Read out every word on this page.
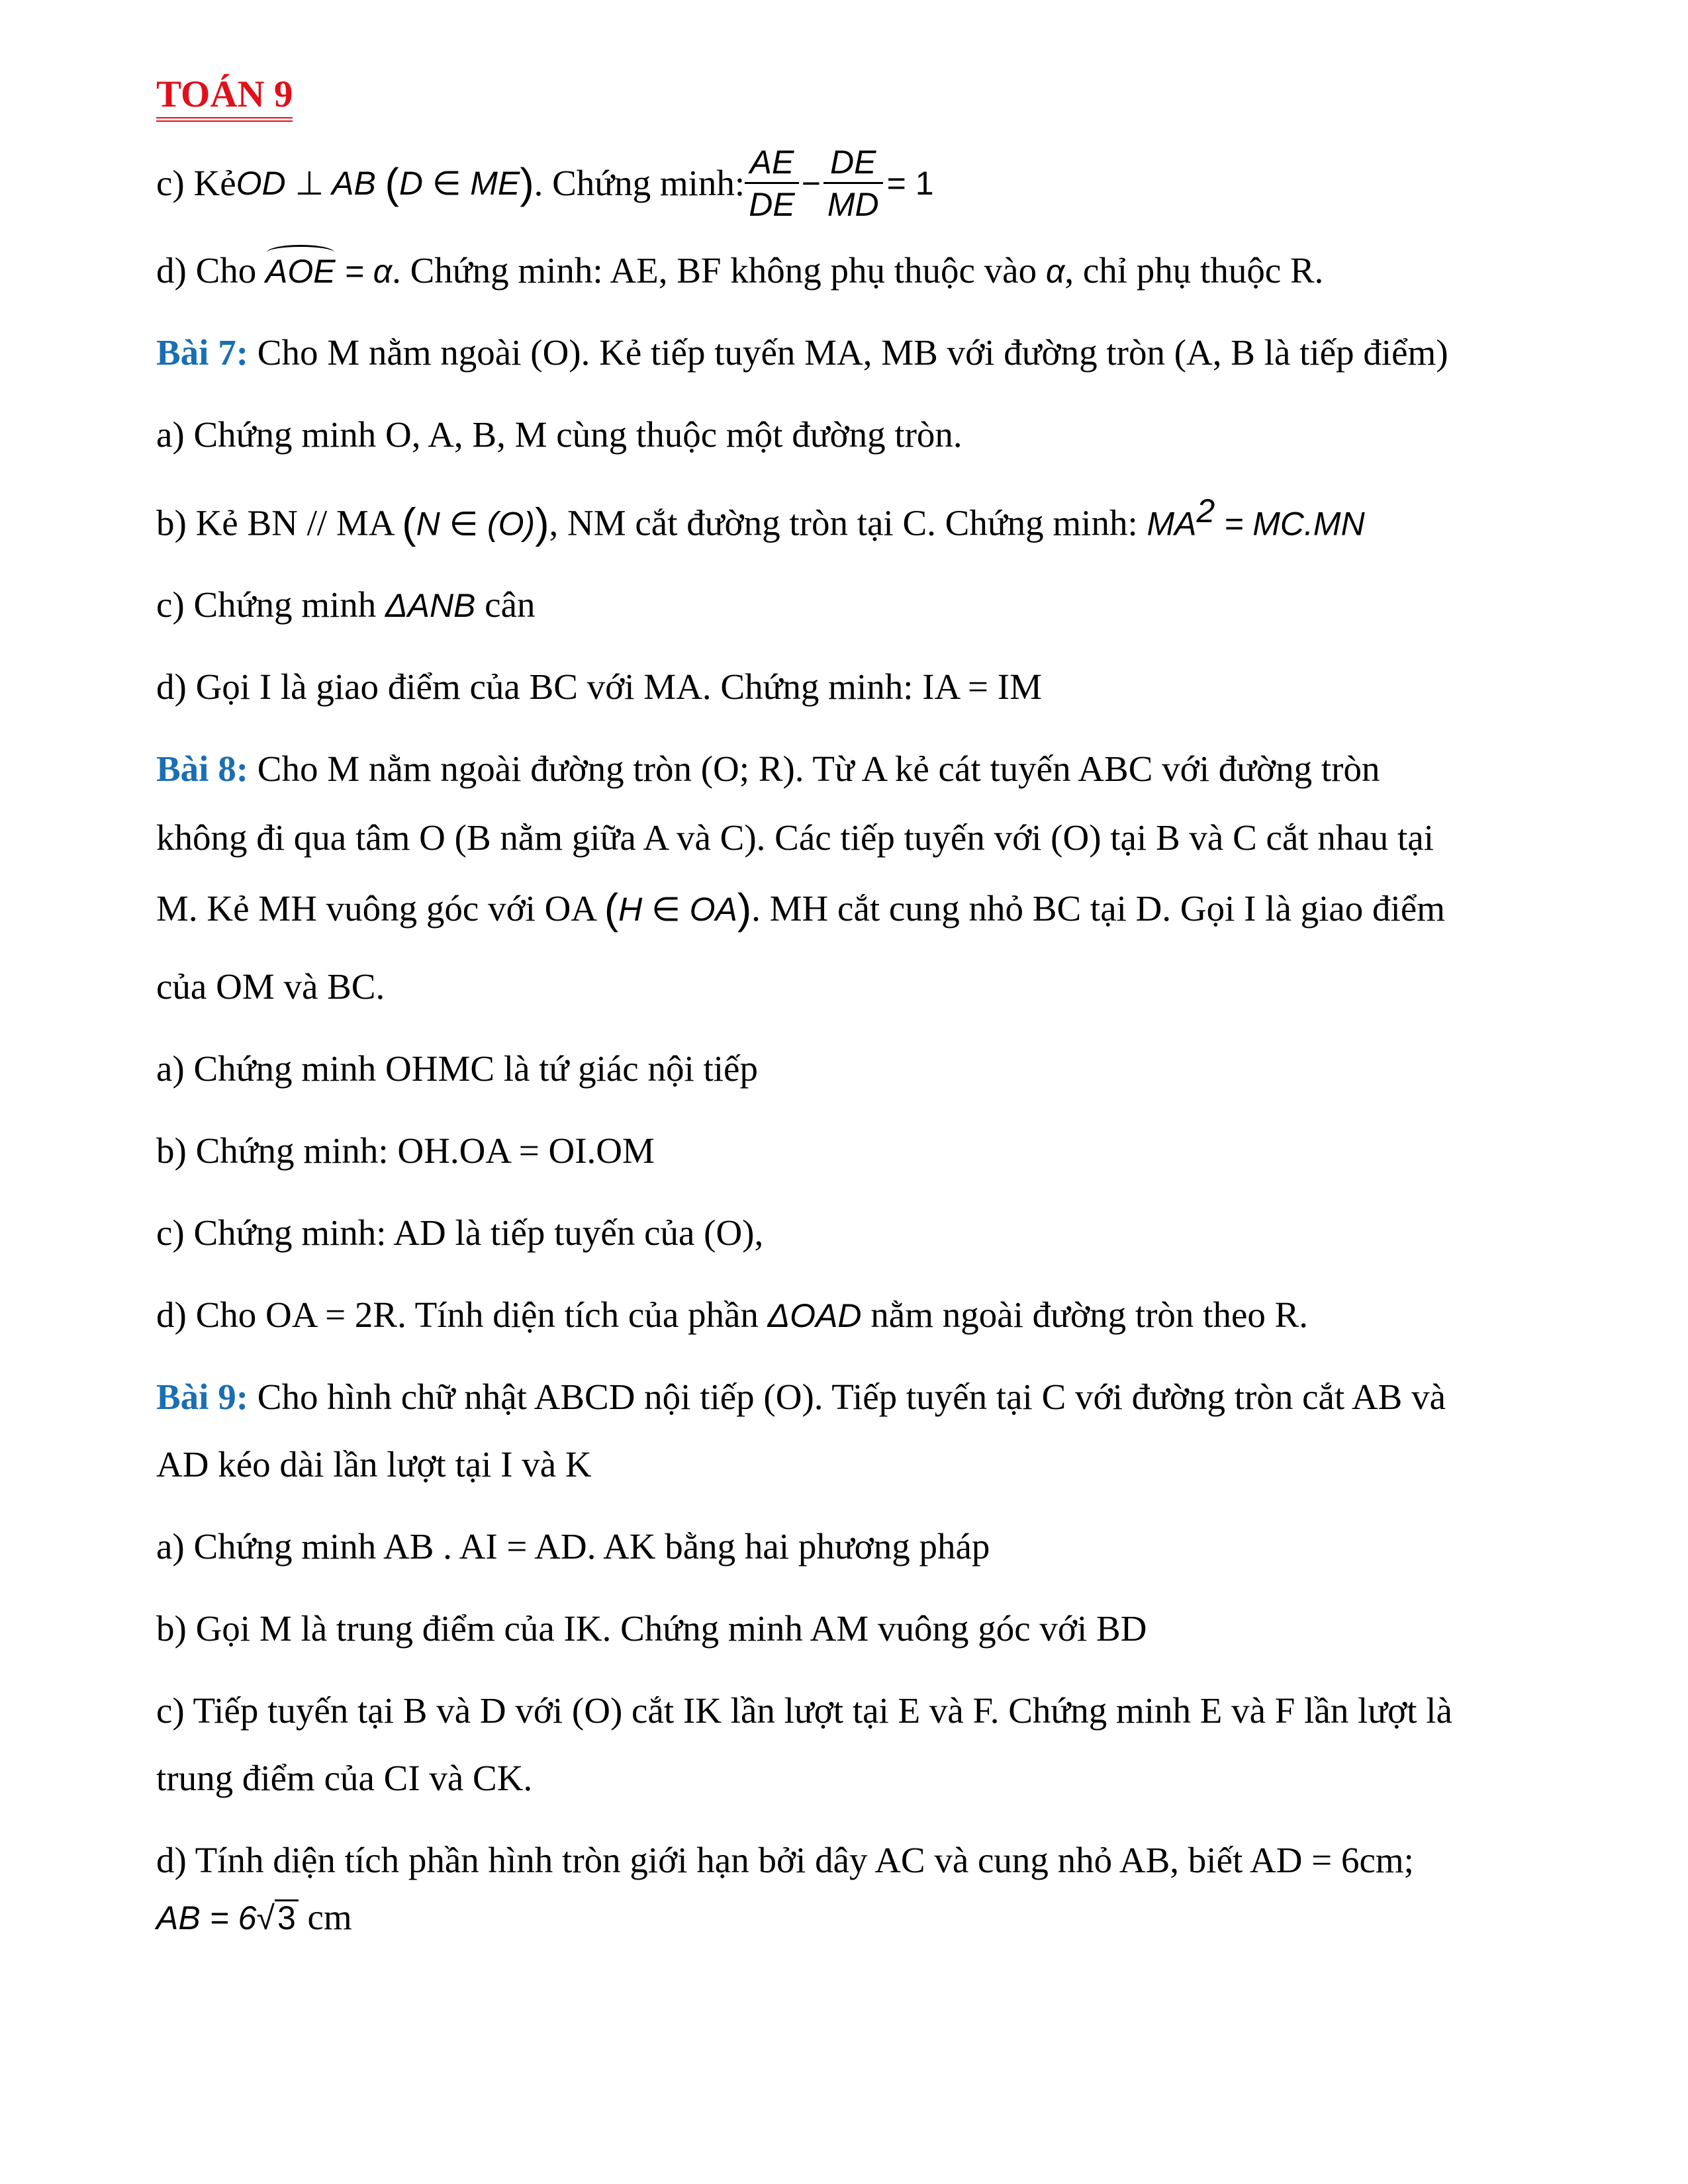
TOÁN 9
c) Kẻ OD ⊥ AB
( D ∈ ME ) . Chứng minh: $\frac{AE}{DE} - \frac{DE}{MD} = 1$
d) Cho AOE = α. Chứng minh: AE, BF không phụ thuộc vào α, chỉ phụ thuộc R.
Bài 7: Cho M nằm ngoài (O). Kẻ tiếp tuyến MA, MB với đường tròn (A, B là tiếp điểm)
a) Chứng minh O, A, B, M cùng thuộc một đường tròn.
b) Kẻ BN // MA (N ∈ (O)), NM cắt đường tròn tại C. Chứng minh: $MA^2 = MC.MN$
c) Chứng minh ΔANB cân
d) Gọi I là giao điểm của BC với MA. Chứng minh: IA = IM
Bài 8: Cho M nằm ngoài đường tròn (O; R). Từ A kẻ cát tuyến ABC với đường tròn
không đi qua tâm O (B nằm giữa A và C). Các tiếp tuyến với (O) tại B và C cắt nhau tại
M. Kẻ MH vuông góc với OA (H ∈ OA). MH cắt cung nhỏ BC tại D. Gọi I là giao điểm
của OM và BC.
a) Chứng minh OHMC là tứ giác nội tiếp
b) Chứng minh: OH.OA = OI.OM
c) Chứng minh: AD là tiếp tuyến của (O),
d) Cho OA = 2R. Tính diện tích của phần ΔOAD nằm ngoài đường tròn theo R.
Bài 9: Cho hình chữ nhật ABCD nội tiếp (O). Tiếp tuyến tại C với đường tròn cắt AB và
AD kéo dài lần lượt tại I và K
a) Chứng minh AB . AI = AD. AK bằng hai phương pháp
b) Gọi M là trung điểm của IK. Chứng minh AM vuông góc với BD
c) Tiếp tuyến tại B và D với (O) cắt IK lần lượt tại E và F. Chứng minh E và F lần lượt là
trung điểm của CI và CK.
d) Tính diện tích phần hình tròn giới hạn bởi dây AC và cung nhỏ AB, biết AD = 6cm;
AB = 6√3 cm
